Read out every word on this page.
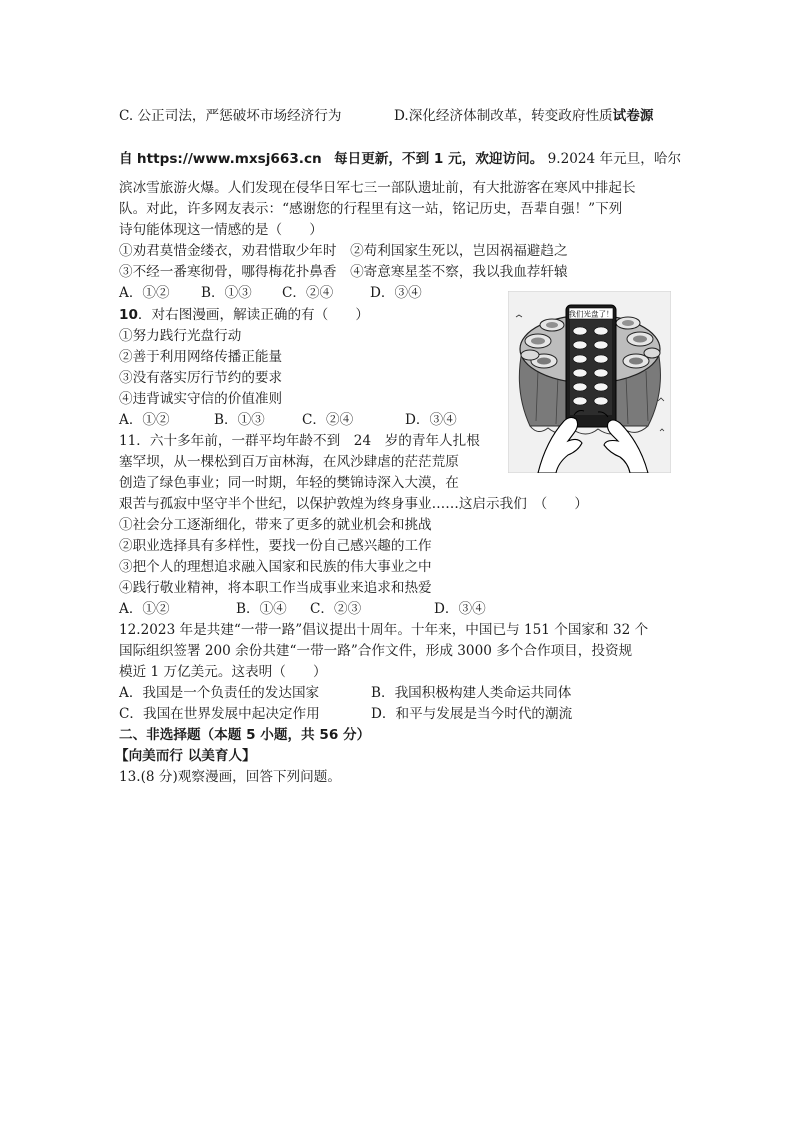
C. 公正司法，严惩破坏市场经济行为	D.深化经济体制改革，转变政府性质试卷源
自 https://www.mxsj663.cn 每日更新，不到 1 元，欢迎访问。 9.2024 年元旦，哈尔
滨冰雪旅游火爆。人们发现在侵华日军七三一部队遗址前，有大批游客在寒风中排起长
队。对此，许多网友表示：“感谢您的行程里有这一站，铭记历史，吾辈自强！”下列
诗句能体现这一情感的是（　　）
①劝君莫惜金缕衣，劝君惜取少年时　②苟利国家生死以，岂因祸福避趋之
③不经一番寒彻骨，哪得梅花扑鼻香　④寄意寒星荃不察，我以我血荐轩辕
A．①② B．①③ C．②④	D．③④
10．对右图漫画，解读正确的有（　　）
①努力践行光盘行动
②善于利用网络传播正能量
③没有落实厉行节约的要求
④违背诚实守信的价值准则
A．①②	B．①③	C．②④	D．③④
我们光盘了！
11．六十多年前，一群平均年龄不到　24　岁的青年人扎根
塞罕坝，从一棵松到百万亩林海，在风沙肆虐的茫茫荒原
创造了绿色事业；同一时期，年轻的樊锦诗深入大漠，在
艰苦与孤寂中坚守半个世纪，以保护敦煌为终身事业……这启示我们　（　　）
①社会分工逐渐细化，带来了更多的就业机会和挑战
②职业选择具有多样性，要找一份自己感兴趣的工作
③把个人的理想追求融入国家和民族的伟大事业之中
④践行敬业精神，将本职工作当成事业来追求和热爱
A．①②	B．①④ C．②③	D．③④
12.2023 年是共建“一带一路”倡议提出十周年。十年来，中国已与 151 个国家和 32 个
国际组织签署 200 余份共建“一带一路”合作文件，形成 3000 多个合作项目，投资规
模近 1 万亿美元。这表明（　　）
A．我国是一个负责任的发达国家	B．我国积极构建人类命运共同体
C．我国在世界发展中起决定作用	D．和平与发展是当今时代的潮流
二、非选择题（本题 5 小题，共 56 分）
【向美而行 以美育人】
13.(8 分)观察漫画，回答下列问题。
